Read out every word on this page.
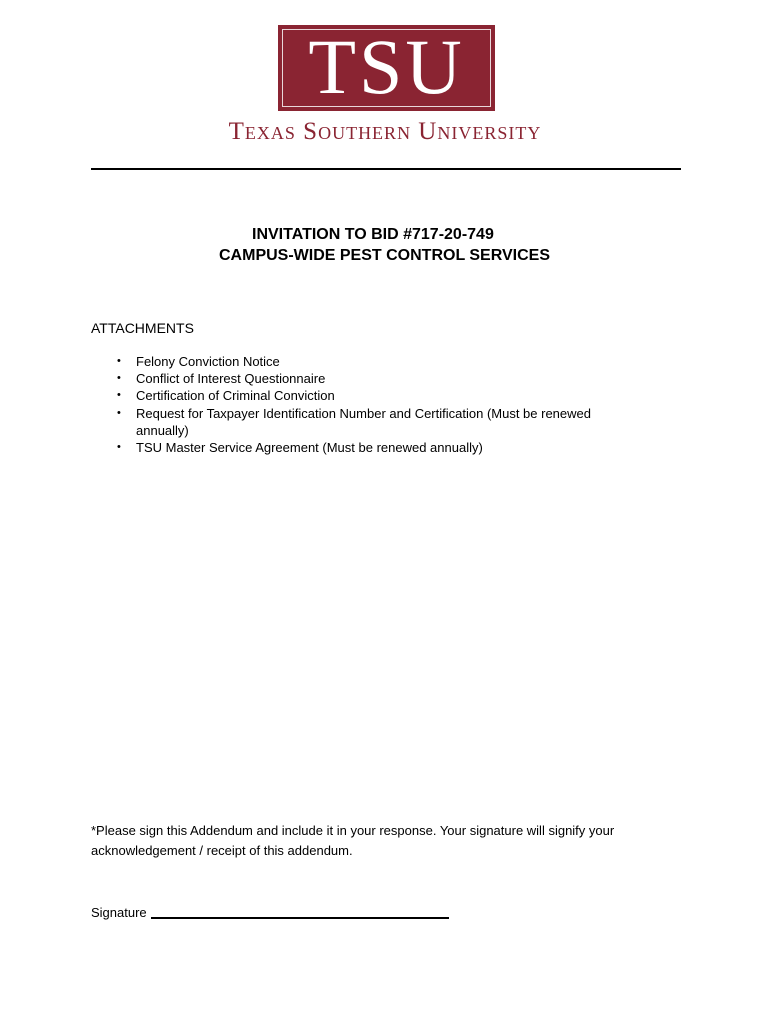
TSU
Texas Southern University
INVITATION TO BID #717-20-749
CAMPUS-WIDE PEST CONTROL SERVICES
ATTACHMENTS
• Felony Conviction Notice
• Conflict of Interest Questionnaire
• Certification of Criminal Conviction
• Request for Taxpayer Identification Number and Certification (Must be renewed annually)
• TSU Master Service Agreement (Must be renewed annually)
*Please sign this Addendum and include it in your response. Your signature will signify your acknowledgement / receipt of this addendum.
Signature
